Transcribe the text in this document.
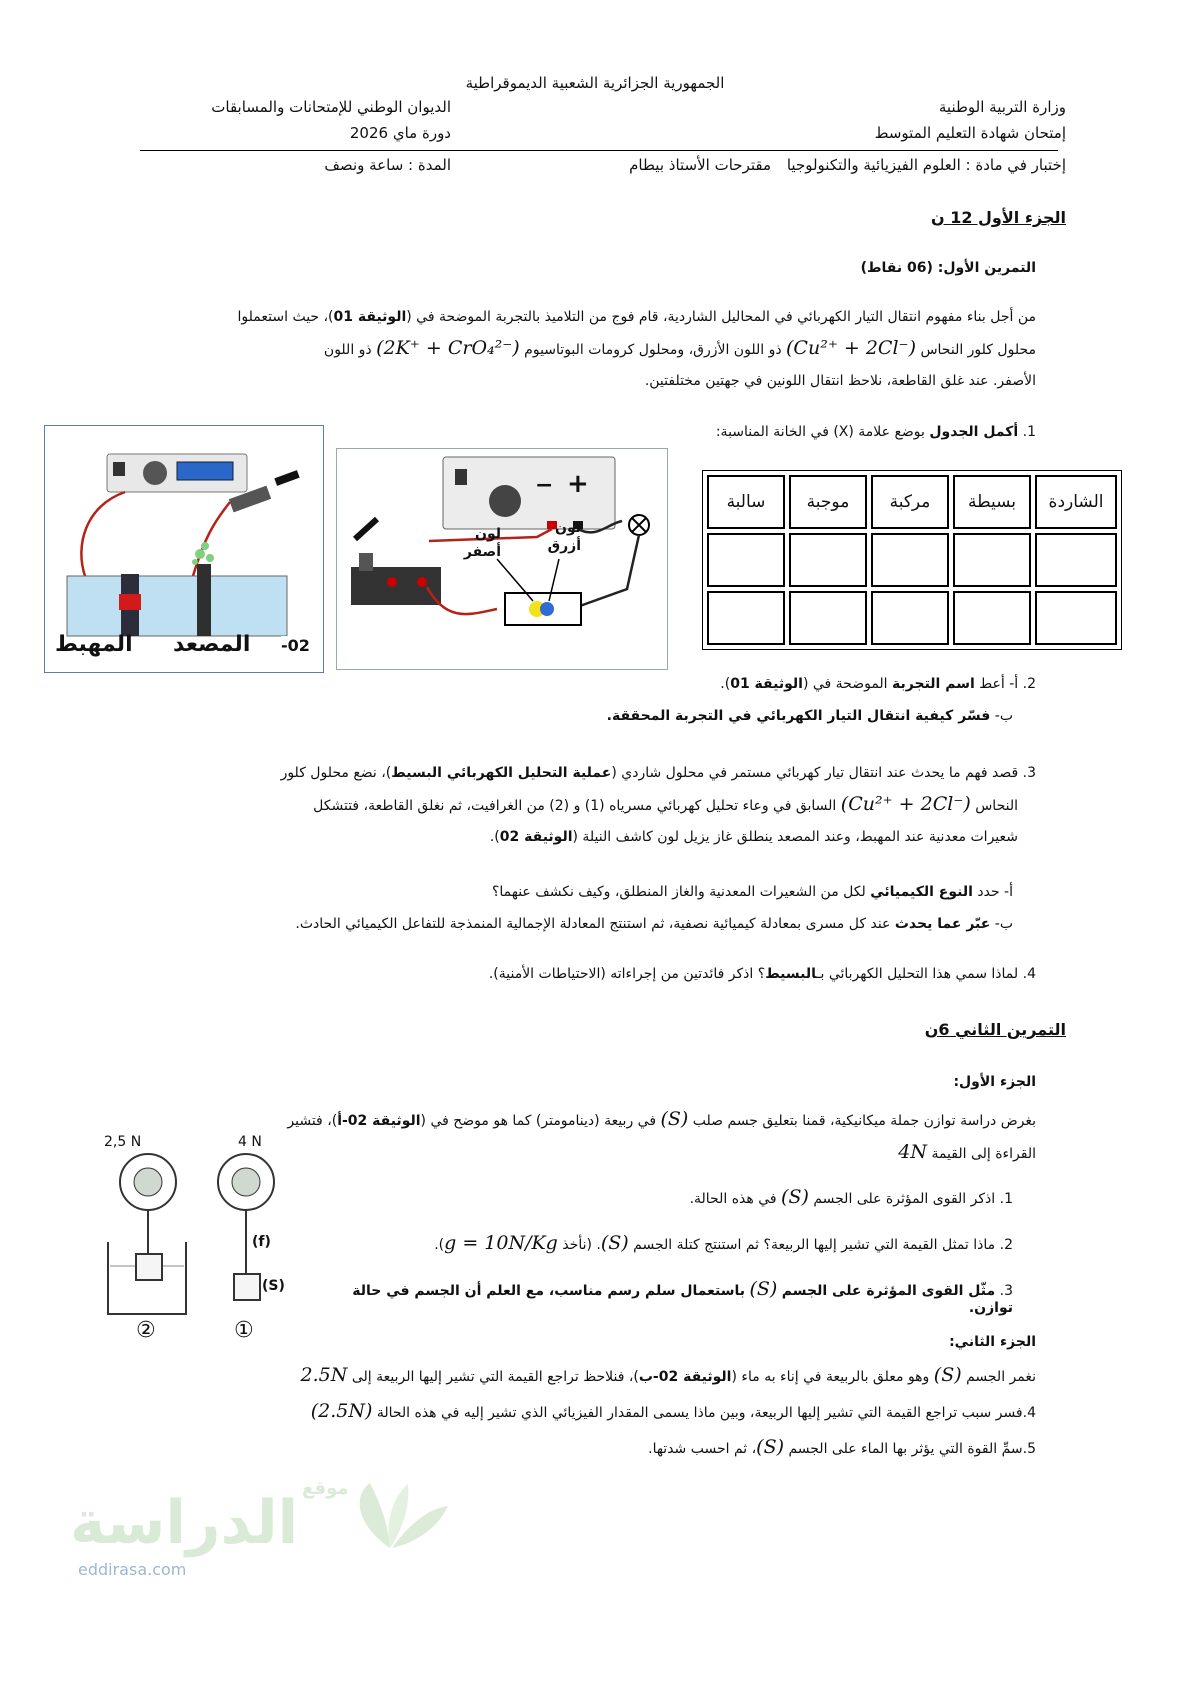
الجمهورية الجزائرية الشعبية الديموقراطية
وزارة التربية الوطنية
الديوان الوطني للإمتحانات والمسابقات
إمتحان شهادة التعليم المتوسط
دورة ماي 2026
إختبار في مادة : العلوم الفيزيائية والتكنولوجيا
مقترحات الأستاذ بيطام
المدة : ساعة ونصف
الجزء الأول 12 ن
التمرين الأول: (06 نقاط)
من أجل بناء مفهوم انتقال التيار الكهربائي في المحاليل الشاردية، قام فوج من التلاميذ بالتجربة الموضحة في (الوثيقة 01)، حيث استعملوا
محلول كلور النحاس (Cu²⁺ + 2Cl⁻) ذو اللون الأزرق، ومحلول كرومات البوتاسيوم (2K⁺ + CrO₄²⁻) ذو اللون
الأصفر. عند غلق القاطعة، نلاحظ انتقال اللونين في جهتين مختلفتين.
1. أكمل الجدول بوضع علامة (X) في الخانة المناسبة:
الشاردة	بسيطة	مركبة	موجبة	سالبة

المهبط المصعد -02
− +
لون أصفر
لون أزرق
2. أ- أعط اسم التجربة الموضحة في (الوثيقة 01).
ب- فسّر كيفية انتقال التيار الكهربائي في التجربة المحققة.
3. قصد فهم ما يحدث عند انتقال تيار كهربائي مستمر في محلول شاردي (عملية التحليل الكهربائي البسيط)، نضع محلول كلور
النحاس (Cu²⁺ + 2Cl⁻) السابق في وعاء تحليل كهربائي مسرياه (1) و (2) من الغرافيت، ثم نغلق القاطعة، فتتشكل
شعيرات معدنية عند المهبط، وعند المصعد ينطلق غاز يزيل لون كاشف النيلة (الوثيقة 02).
أ- حدد النوع الكيميائي لكل من الشعيرات المعدنية والغاز المنطلق، وكيف نكشف عنهما؟
ب- عبّر عما يحدث عند كل مسرى بمعادلة كيميائية نصفية، ثم استنتج المعادلة الإجمالية المنمذجة للتفاعل الكيميائي الحادث.
4. لماذا سمي هذا التحليل الكهربائي بـالبسيط؟ اذكر فائدتين من إجراءاته (الاحتياطات الأمنية).
التمرين الثاني 6ن
الجزء الأول:
بغرض دراسة توازن جملة ميكانيكية، قمنا بتعليق جسم صلب (S) في ربيعة (دينامومتر) كما هو موضح في (الوثيقة 02-أ)، فتشير
القراءة إلى القيمة 4N
1. اذكر القوى المؤثرة على الجسم (S) في هذه الحالة.
2. ماذا تمثل القيمة التي تشير إليها الربيعة؟ ثم استنتج كتلة الجسم (S). (نأخذ g = 10N/Kg).
3. مثّل القوى المؤثرة على الجسم (S) باستعمال سلم رسم مناسب، مع العلم أن الجسم في حالة توازن.
2,5 N	4 N
(f)
(S)
②	①	الجزء الثاني:
نغمر الجسم (S) وهو معلق بالربيعة في إناء به ماء (الوثيقة 02-ب)، فنلاحظ تراجع القيمة التي تشير إليها الربيعة إلى 2.5N
4.فسر سبب تراجع القيمة التي تشير إليها الربيعة، وبين ماذا يسمى المقدار الفيزيائي الذي تشير إليه في هذه الحالة (2.5N)
5.سمِّ القوة التي يؤثر بها الماء على الجسم (S)، ثم احسب شدتها.
موقع
الدراسة
eddirasa.com
